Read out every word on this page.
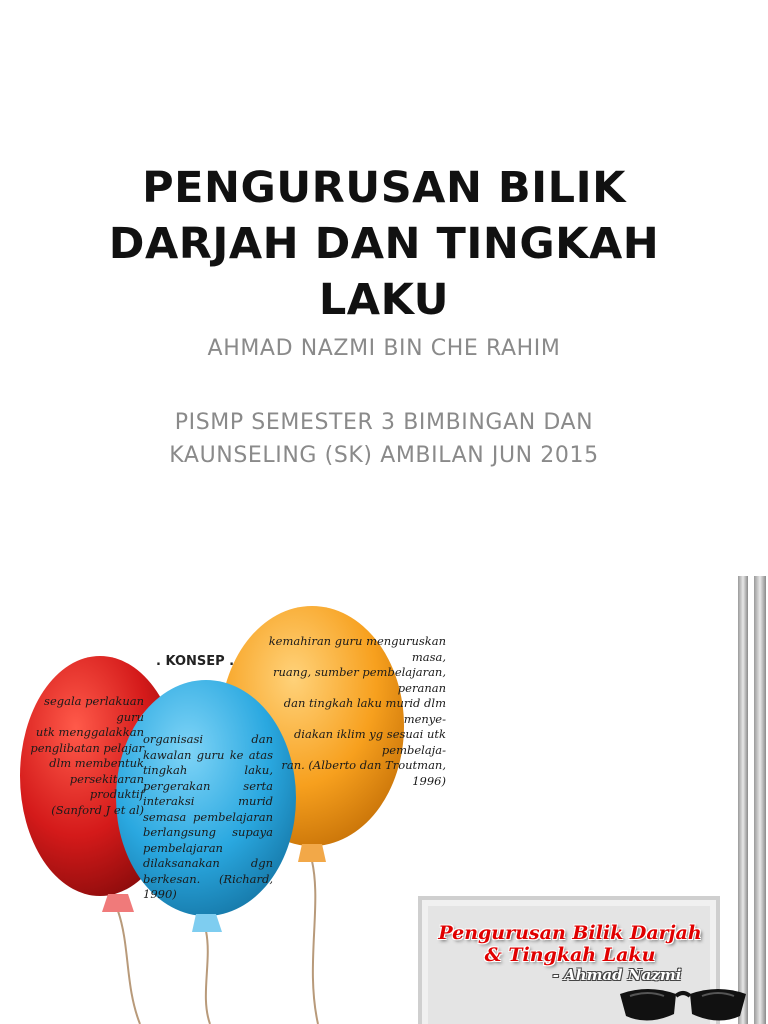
PENGURUSAN BILIK DARJAH DAN TINGKAH LAKU
AHMAD NAZMI BIN CHE RAHIM
PISMP SEMESTER 3 BIMBINGAN DAN KAUNSELING (SK) AMBILAN JUN 2015
. KONSEP .
segala perlakuan guru
utk menggalakkan
penglibatan pelajar
dlm membentuk
persekitaran
produktif
(Sanford J et al)
organisasi dan kawalan guru ke atas tingkah laku, pergerakan serta interaksi murid semasa pembelajaran berlangsung supaya pembelajaran dilaksanakan dgn berkesan. (Richard, 1990)
kemahiran guru menguruskan masa,
ruang, sumber pembelajaran, peranan
dan tingkah laku murid dlm menye-
diakan iklim yg sesuai utk pembelaja-
ran. (Alberto dan Troutman, 1996)
Pengurusan Bilik Darjah
& Tingkah Laku
- Ahmad Nazmi
